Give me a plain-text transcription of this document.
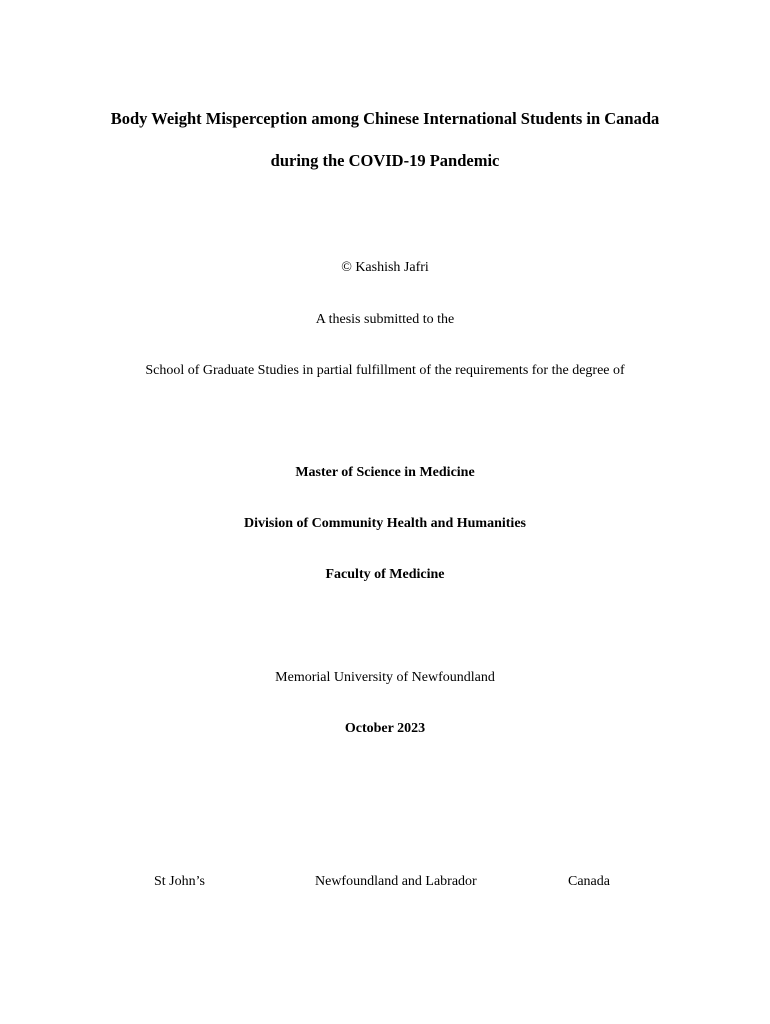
Body Weight Misperception among Chinese International Students in Canada
during the COVID-19 Pandemic
© Kashish Jafri
A thesis submitted to the
School of Graduate Studies in partial fulfillment of the requirements for the degree of
Master of Science in Medicine
Division of Community Health and Humanities
Faculty of Medicine
Memorial University of Newfoundland
October 2023
St John’s	Newfoundland and Labrador	Canada
